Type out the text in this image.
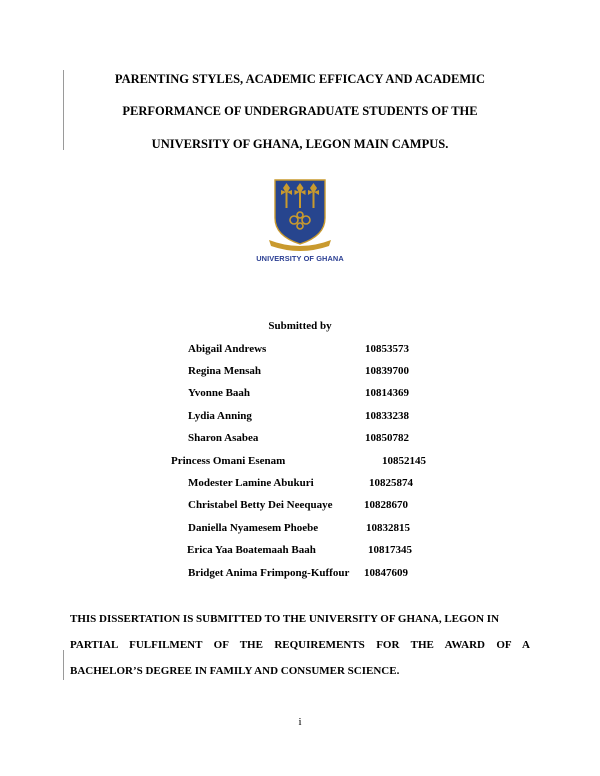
PARENTING STYLES, ACADEMIC EFFICACY AND ACADEMIC
PERFORMANCE OF UNDERGRADUATE STUDENTS OF THE
UNIVERSITY OF GHANA, LEGON MAIN CAMPUS.
UNIVERSITY OF GHANA
Submitted by
Abigail Andrews	10853573
Regina Mensah	10839700
Yvonne Baah	10814369
Lydia Anning	10833238
Sharon Asabea	10850782
Princess Omani Esenam	10852145
Modester Lamine Abukuri	10825874
Christabel Betty Dei Neequaye	10828670
Daniella Nyamesem Phoebe	10832815
Erica Yaa Boatemaah Baah	10817345
Bridget Anima Frimpong-Kuffour 10847609
THIS DISSERTATION IS SUBMITTED TO THE UNIVERSITY OF GHANA, LEGON IN
PARTIAL FULFILMENT OF THE REQUIREMENTS FOR THE AWARD OF A
BACHELOR’S DEGREE IN FAMILY AND CONSUMER SCIENCE.
i
